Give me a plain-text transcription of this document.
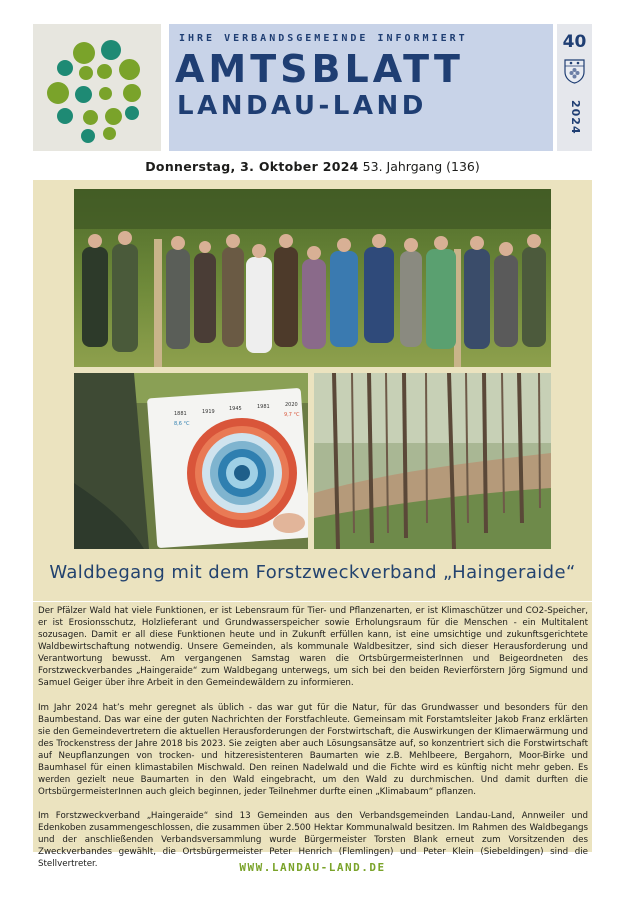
IHRE VERBANDSGEMEINDE INFORMIERT
AMTSBLATT
LANDAU-LAND
40
2024
Donnerstag, 3. Oktober 2024 53. Jahrgang (136)
1881	1919	1945	1981	2020
8,6 °C
9,7 °C
Waldbegang mit dem Forstzweckverband „Haingeraide“

Der Pfälzer Wald hat viele Funktionen, er ist Lebensraum für Tier- und Pflanzenarten, er ist Klimaschützer und CO2-Speicher, er ist Erosionsschutz, Holzlieferant und Grundwasserspeicher sowie Erholungsraum für die Menschen - ein Multitalent sozusagen. Damit er all diese Funktionen heute und in Zukunft erfüllen kann, ist eine umsichtige und zukunftsgerichtete Waldbewirtschaftung notwendig. Unsere Gemeinden, als kommunale Waldbesitzer, sind sich dieser Herausforderung und Verantwortung bewusst. Am vergangenen Samstag waren die OrtsbürgermeisterInnen und Beigeordneten des Forstzweckverbandes „Haingeraide“ zum Waldbegang unterwegs, um sich bei den beiden Revierförstern Jörg Sigmund und Samuel Geiger über ihre Arbeit in den Gemeindewäldern zu informieren.

Im Jahr 2024 hat’s mehr geregnet als üblich - das war gut für die Natur, für das Grundwasser und besonders für den Baumbestand. Das war eine der guten Nachrichten der Forstfachleute. Gemeinsam mit Forstamtsleiter Jakob Franz erklärten sie den Gemeindevertretern die aktuellen Herausforderungen der Forstwirtschaft, die Auswirkungen der Klimaerwärmung und des Trockenstress der Jahre 2018 bis 2023. Sie zeigten aber auch Lösungsansätze auf, so konzentriert sich die Forstwirtschaft auf Neupflanzungen von trocken- und hitzeresistenteren Baumarten wie z.B. Mehlbeere, Bergahorn, Moor-Birke und Baumhasel für einen klimastabilen Mischwald. Den reinen Nadelwald und die Fichte wird es künftig nicht mehr geben. Es werden gezielt neue Baumarten in den Wald eingebracht, um den Wald zu durchmischen. Und damit durften die OrtsbürgermeisterInnen auch gleich beginnen, jeder Teilnehmer durfte einen „Klimabaum“ pflanzen.

Im Forstzweckverband „Haingeraide“ sind 13 Gemeinden aus den Verbandsgemeinden Landau-Land, Annweiler und Edenkoben zusammengeschlossen, die zusammen über 2.500 Hektar Kommunalwald besitzen. Im Rahmen des Waldbegangs und der anschließenden Verbandsversammlung wurde Bürgermeister Torsten Blank erneut zum Vorsitzenden des Zweckverbandes gewählt, die Ortsbürgermeister Peter Henrich (Flemlingen) und Peter Klein (Siebeldingen) sind die Stellvertreter.	WWW.LANDAU-LAND.DE
